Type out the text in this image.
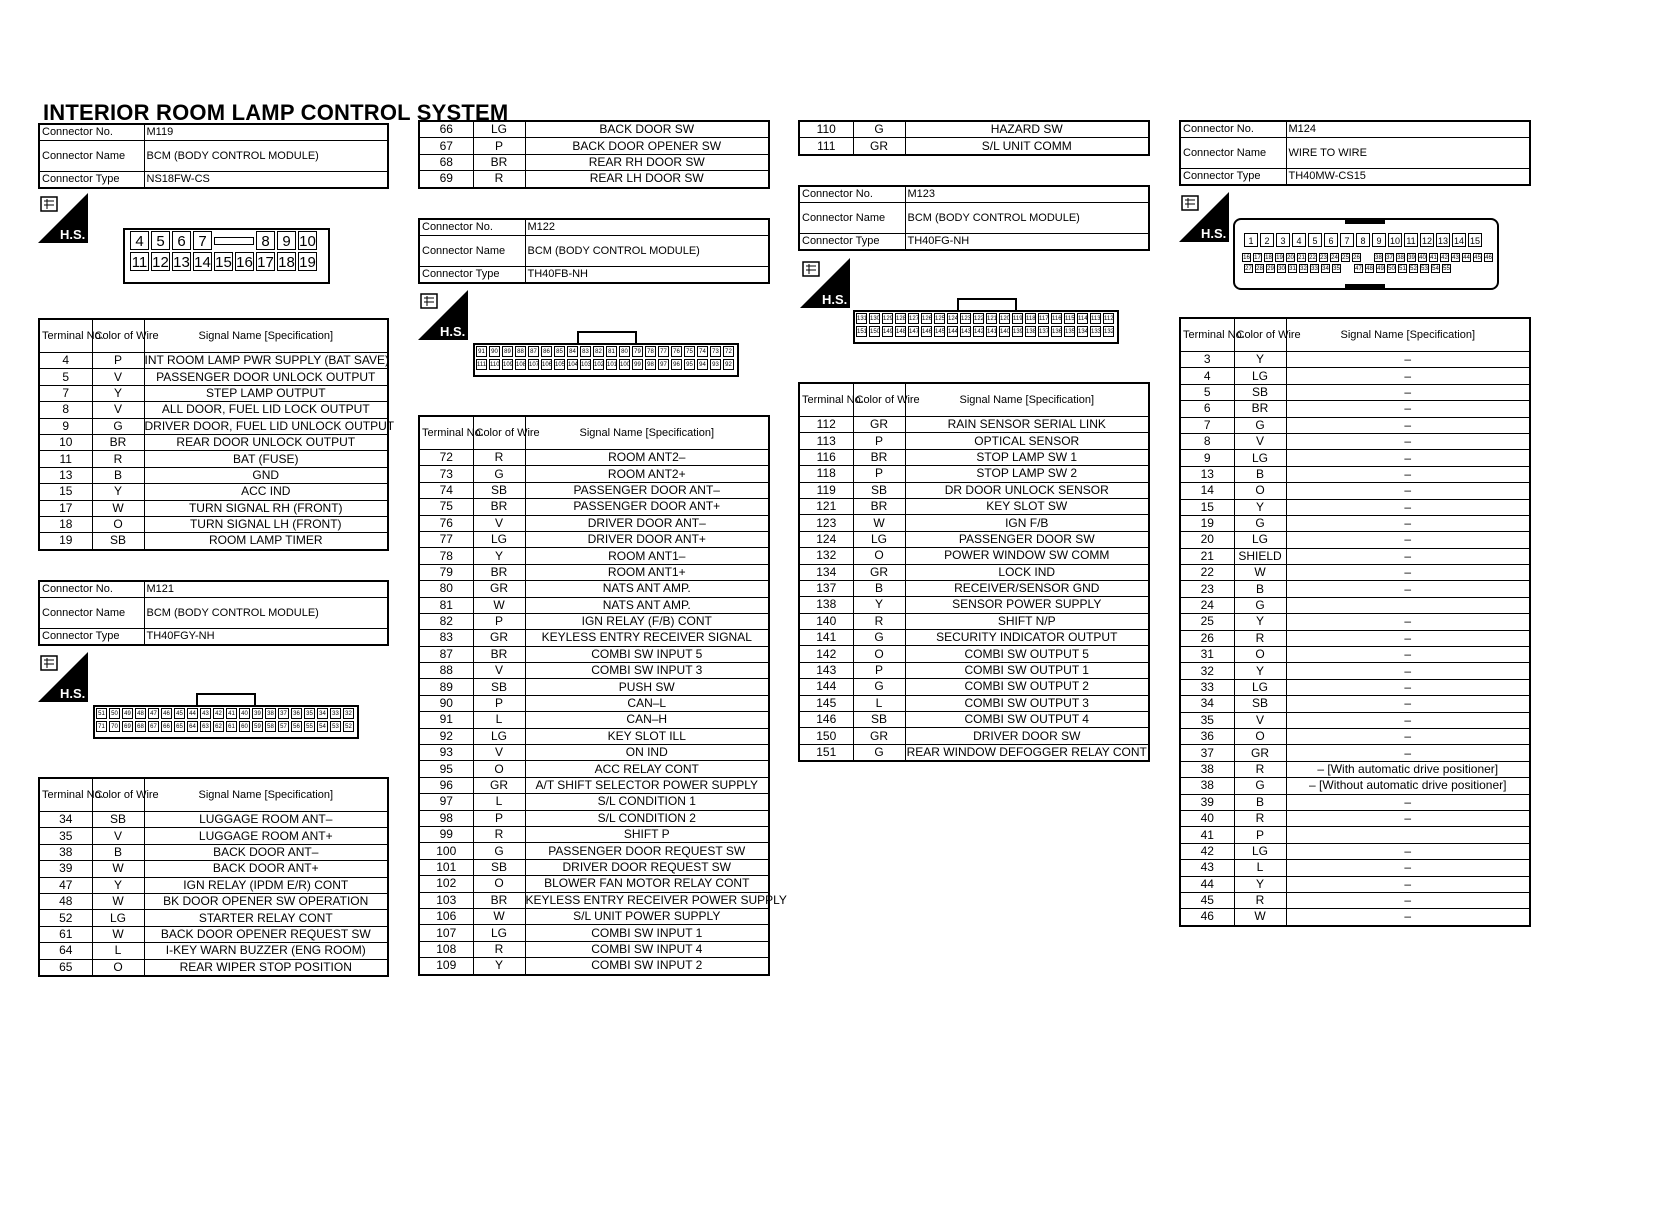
INTERIOR ROOM LAMP CONTROL SYSTEM
Connector No.	M119
Connector Name	BCM (BODY CONTROL MODULE)
Connector Type	NS18FW-CS
H.S.	4 5 6 7	8 9 10
11 12 13 14 15 16 17 18 19
Terminal No.	Color of Wire	Signal Name [Specification]
4	P	INT ROOM LAMP PWR SUPPLY (BAT SAVE)
5	V	PASSENGER DOOR UNLOCK OUTPUT
7	Y	STEP LAMP OUTPUT
8	V	ALL DOOR, FUEL LID LOCK OUTPUT
9	G	DRIVER DOOR, FUEL LID UNLOCK OUTPUT
10	BR	REAR DOOR UNLOCK OUTPUT
11	R	BAT (FUSE)
13	B	GND
15	Y	ACC IND
17	W	TURN SIGNAL RH (FRONT)
18	O	TURN SIGNAL LH (FRONT)
19	SB	ROOM LAMP TIMER
Connector No.	M121
Connector Name	BCM (BODY CONTROL MODULE)
Connector Type	TH40FGY-NH
H.S.
51	50	49	48	47	46	45	44	43	42	41	40	39	38	37	36	35	34	33	32
71	70	69	68	67	66	65	64	63	62	61	60	59	58	57	56	55	54	53	52
Terminal No.	Color of Wire	Signal Name [Specification]
34	SB	LUGGAGE ROOM ANT–
35	V	LUGGAGE ROOM ANT+
38	B	BACK DOOR ANT–
39	W	BACK DOOR ANT+
47	Y	IGN RELAY (IPDM E/R) CONT
48	W	BK DOOR OPENER SW OPERATION
52	LG	STARTER RELAY CONT
61	W	BACK DOOR OPENER REQUEST SW
64	L	I-KEY WARN BUZZER (ENG ROOM)
65	O	REAR WIPER STOP POSITION
66	LG	BACK DOOR SW
67	P	BACK DOOR OPENER SW
68	BR	REAR RH DOOR SW
69	R	REAR LH DOOR SW
Connector No.	M122
Connector Name	BCM (BODY CONTROL MODULE)
Connector Type	TH40FB-NH
H.S.
91	90	89	88	87	86	85	84	83	82	81	80	79	78	77	76	75	74	73	72
111 110 109 108 107 106 105 104 103 102 101 100 99	98	97	96	95	94	93	92
Terminal No.	Color of Wire	Signal Name [Specification]
72	R	ROOM ANT2–
73	G	ROOM ANT2+
74	SB	PASSENGER DOOR ANT–
75	BR	PASSENGER DOOR ANT+
76	V	DRIVER DOOR ANT–
77	LG	DRIVER DOOR ANT+
78	Y	ROOM ANT1–
79	BR	ROOM ANT1+
80	GR	NATS ANT AMP.
81	W	NATS ANT AMP.
82	P	IGN RELAY (F/B) CONT
83	GR	KEYLESS ENTRY RECEIVER SIGNAL
87	BR	COMBI SW INPUT 5
88	V	COMBI SW INPUT 3
89	SB	PUSH SW
90	P	CAN–L
91	L	CAN–H
92	LG	KEY SLOT ILL
93	V	ON IND
95	O	ACC RELAY CONT
96	GR	A/T SHIFT SELECTOR POWER SUPPLY
97	L	S/L CONDITION 1
98	P	S/L CONDITION 2
99	R	SHIFT P
100	G	PASSENGER DOOR REQUEST SW
101	SB	DRIVER DOOR REQUEST SW
102	O	BLOWER FAN MOTOR RELAY CONT
103	BR	KEYLESS ENTRY RECEIVER POWER SUPPLY
106	W	S/L UNIT POWER SUPPLY
107	LG	COMBI SW INPUT 1
108	R	COMBI SW INPUT 4
109	Y	COMBI SW INPUT 2
110	G	HAZARD SW
111	GR	S/L UNIT COMM
Connector No.	M123
Connector Name	BCM (BODY CONTROL MODULE)
Connector Type	TH40FG-NH
H.S.
131 130 129 128 127 126 125 124 123 122 121 120 119 118 117 116 115 114 113 112
151 150 149 148 147 146 145 144 143 142 141 140 139 138 137 136 135 134 133 132
Terminal No.	Color of Wire	Signal Name [Specification]
112	GR	RAIN SENSOR SERIAL LINK
113	P	OPTICAL SENSOR
116	BR	STOP LAMP SW 1
118	P	STOP LAMP SW 2
119	SB	DR DOOR UNLOCK SENSOR
121	BR	KEY SLOT SW
123	W	IGN F/B
124	LG	PASSENGER DOOR SW
132	O	POWER WINDOW SW COMM
134	GR	LOCK IND
137	B	RECEIVER/SENSOR GND
138	Y	SENSOR POWER SUPPLY
140	R	SHIFT N/P
141	G	SECURITY INDICATOR OUTPUT
142	O	COMBI SW OUTPUT 5
143	P	COMBI SW OUTPUT 1
144	G	COMBI SW OUTPUT 2
145	L	COMBI SW OUTPUT 3
146	SB	COMBI SW OUTPUT 4
150	GR	DRIVER DOOR SW
151	G	REAR WINDOW DEFOGGER RELAY CONT
Connector No.	M124
Connector Name	WIRE TO WIRE
Connector Type	TH40MW-CS15
H.S.	1	2	3	4	5	6	7	8	9 10 11 12 13 14 15
16 17 18 19 20 21 22 23 24 25 26	38 37 38 39 40 41 42 43 44 45 46
27 28 29 30 31 32 33 34 35	47 48 49 50 51 52 53 54 55
Terminal No.	Color of Wire	Signal Name [Specification]
3	Y	–
4	LG	–
5	SB	–
6	BR	–
7	G	–
8	V	–
9	LG	–
13	B	–
14	O	–
15	Y	–
19	G	–
20	LG	–
21	SHIELD	–
22	W	–
23	B	–
24	G	
25	Y	–
26	R	–
31	O	–
32	Y	–
33	LG	–
34	SB	–
35	V	–
36	O	–
37	GR	–
38	R	– [With automatic drive positioner]
38	G	– [Without automatic drive positioner]
39	B	–
40	R	–
41	P	
42	LG	–
43	L	–
44	Y	–
45	R	–
46	W	–
